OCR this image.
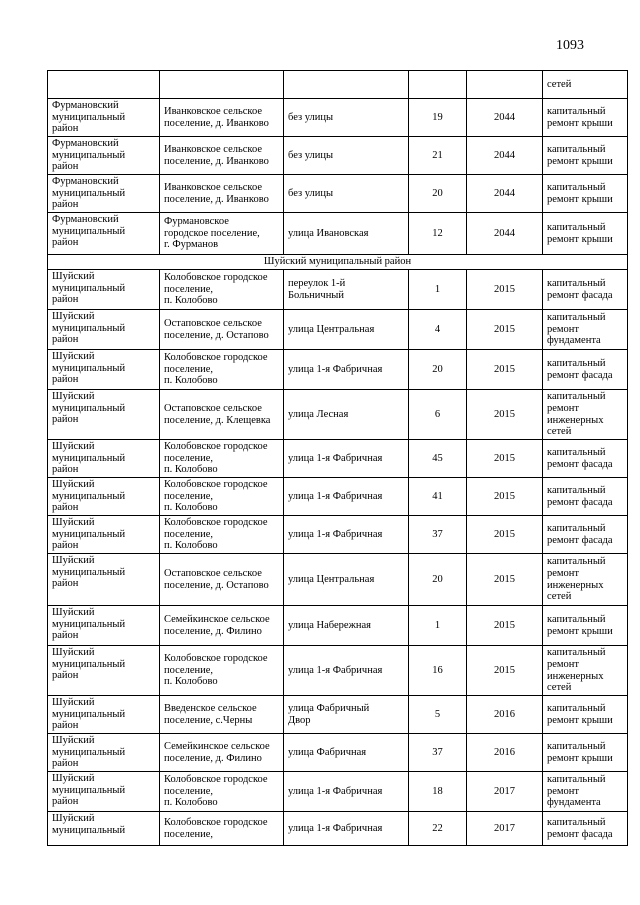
1093
					сетей
Фурмановский
муниципальный
район	Иванковское сельское
поселение, д. Иванково	без улицы	19	2044	капитальный
ремонт крыши
Фурмановский
муниципальный
район	Иванковское сельское
поселение, д. Иванково	без улицы	21	2044	капитальный
ремонт крыши
Фурмановский
муниципальный
район	Иванковское сельское
поселение, д. Иванково	без улицы	20	2044	капитальный
ремонт крыши
Фурмановский
муниципальный
район	Фурмановское
городское поселение,
г. Фурманов	улица Ивановская	12	2044	капитальный
ремонт крыши
Шуйский муниципальный район					
Шуйский
муниципальный
район	Колобовское городское
поселение,
п. Колобово	переулок 1-й
Больничный	1	2015	капитальный
ремонт фасада
Шуйский
муниципальный
район	Остаповское сельское
поселение, д. Остапово	улица Центральная	4	2015	капитальный
ремонт
фундамента
Шуйский
муниципальный
район	Колобовское городское
поселение,
п. Колобово	улица 1-я Фабричная	20	2015	капитальный
ремонт фасада
Шуйский
муниципальный
район	Остаповское сельское
поселение, д. Клещевка	улица Лесная	6	2015	капитальный
ремонт
инженерных
сетей
Шуйский
муниципальный
район	Колобовское городское
поселение,
п. Колобово	улица 1-я Фабричная	45	2015	капитальный
ремонт фасада
Шуйский
муниципальный
район	Колобовское городское
поселение,
п. Колобово	улица 1-я Фабричная	41	2015	капитальный
ремонт фасада
Шуйский
муниципальный
район	Колобовское городское
поселение,
п. Колобово	улица 1-я Фабричная	37	2015	капитальный
ремонт фасада
Шуйский
муниципальный
район	Остаповское сельское
поселение, д. Остапово	улица Центральная	20	2015	капитальный
ремонт
инженерных
сетей
Шуйский
муниципальный
район	Семейкинское сельское
поселение, д. Филино	улица Набережная	1	2015	капитальный
ремонт крыши
Шуйский
муниципальный
район	Колобовское городское
поселение,
п. Колобово	улица 1-я Фабричная	16	2015	капитальный
ремонт
инженерных
сетей
Шуйский
муниципальный
район	Введенское сельское
поселение, с.Черны	улица Фабричный
Двор	5	2016	капитальный
ремонт крыши
Шуйский
муниципальный
район	Семейкинское сельское
поселение, д. Филино	улица Фабричная	37	2016	капитальный
ремонт крыши
Шуйский
муниципальный
район	Колобовское городское
поселение,
п. Колобово	улица 1-я Фабричная	18	2017	капитальный
ремонт
фундамента
Шуйский
муниципальный	Колобовское городское
поселение,	улица 1-я Фабричная	22	2017	капитальный
ремонт фасада
